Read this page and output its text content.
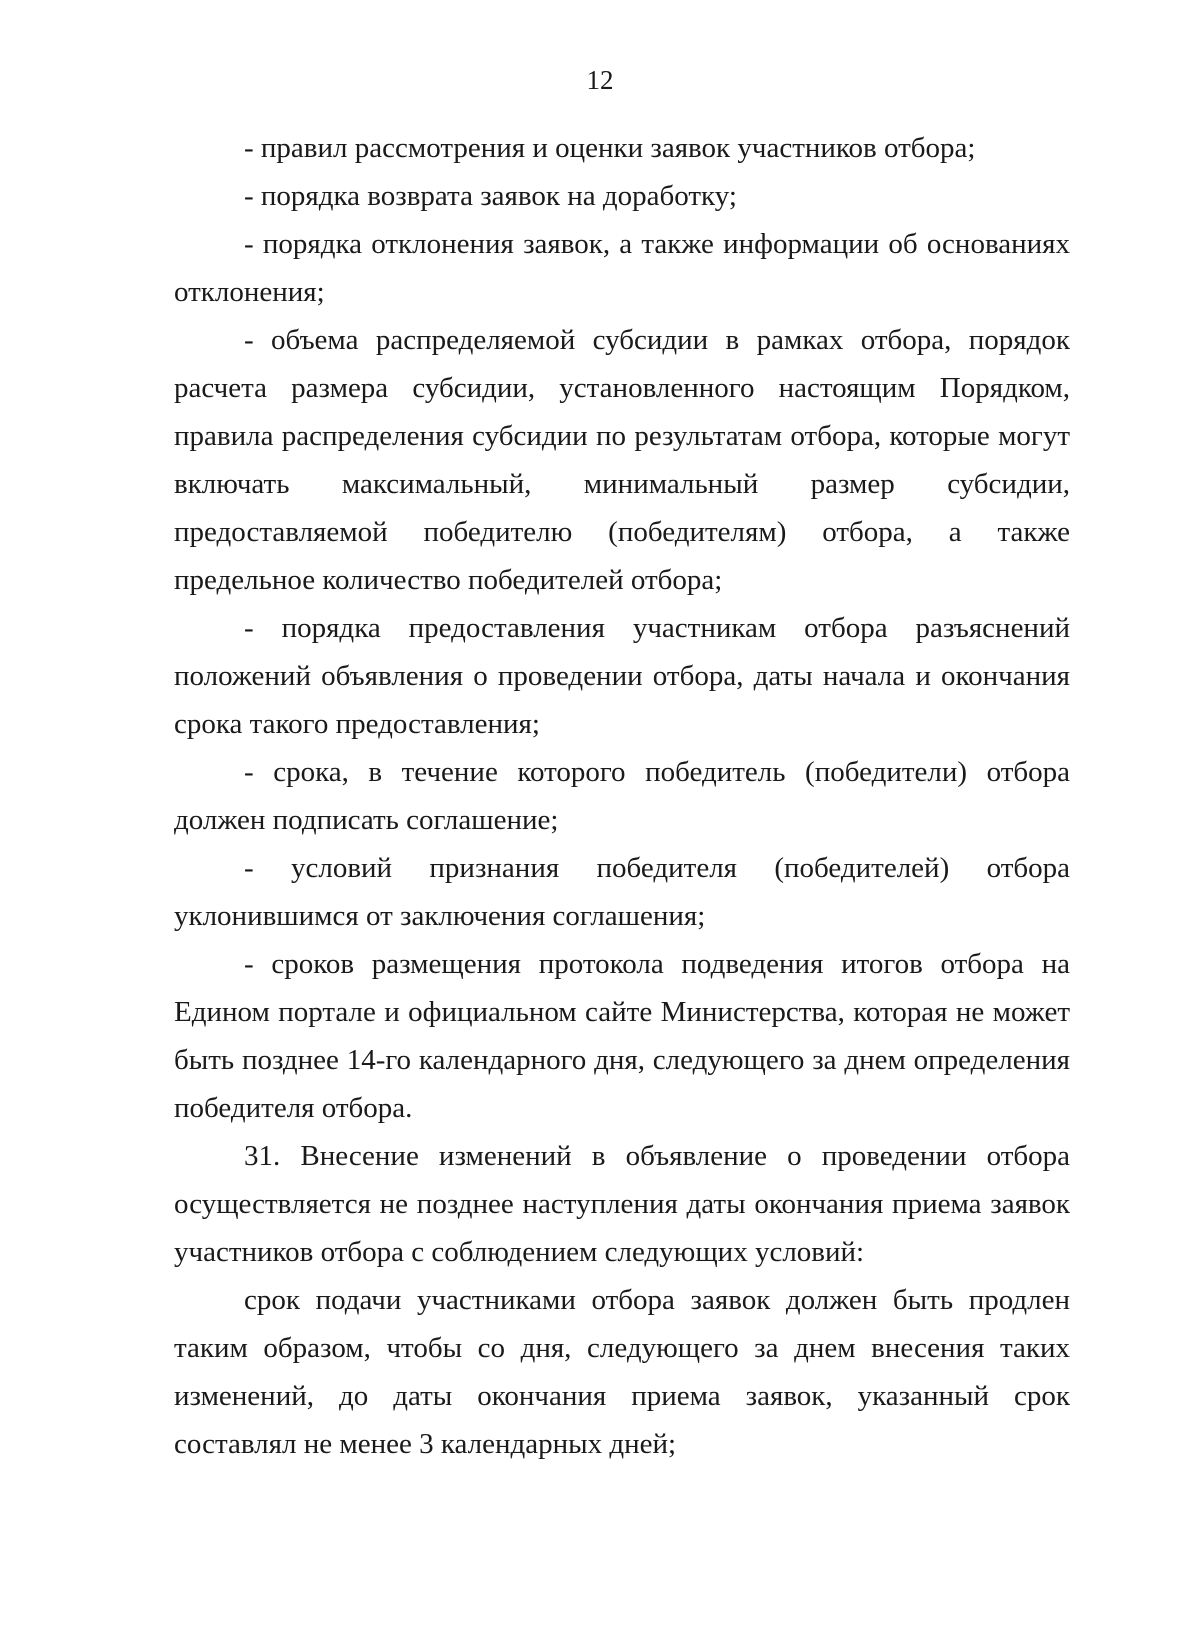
12

- правил рассмотрения и оценки заявок участников отбора;

- порядка возврата заявок на доработку;

- порядка отклонения заявок, а также информации об основаниях отклонения;

- объема распределяемой субсидии в рамках отбора, порядок расчета размера субсидии, установленного настоящим Порядком, правила распределения субсидии по результатам отбора, которые могут включать максимальный, минимальный размер субсидии, предоставляемой победителю (победителям) отбора, а также предельное количество победителей отбора;

- порядка предоставления участникам отбора разъяснений положений объявления о проведении отбора, даты начала и окончания срока такого предоставления;

- срока, в течение которого победитель (победители) отбора должен подписать соглашение;

- условий признания победителя (победителей) отбора уклонившимся от заключения соглашения;

- сроков размещения протокола подведения итогов отбора на Едином портале и официальном сайте Министерства, которая не может быть позднее 14-го календарного дня, следующего за днем определения победителя отбора.

31. Внесение изменений в объявление о проведении отбора осуществляется не позднее наступления даты окончания приема заявок участников отбора с соблюдением следующих условий:

срок подачи участниками отбора заявок должен быть продлен таким образом, чтобы со дня, следующего за днем внесения таких изменений, до даты окончания приема заявок, указанный срок составлял не менее 3 календарных дней;
